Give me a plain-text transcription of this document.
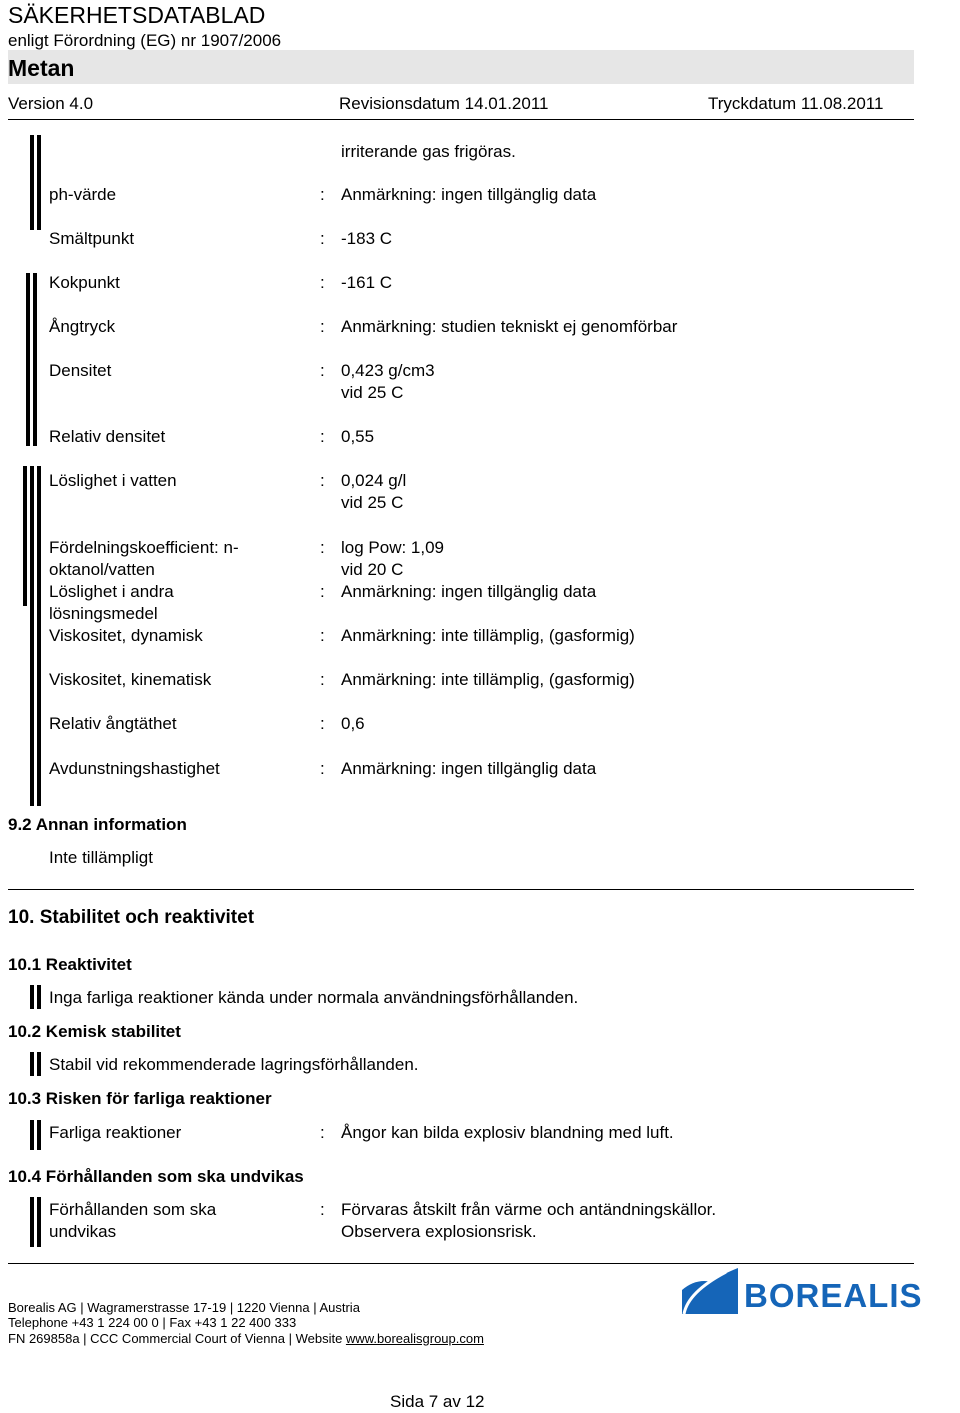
SÄKERHETSDATABLAD
enligt Förordning (EG) nr 1907/2006
Metan
Version 4.0	Revisionsdatum 14.01.2011	Tryckdatum 11.08.2011
irriterande gas frigöras.
ph-värde	: Anmärkning: ingen tillgänglig data
Smältpunkt	: -183 C
Kokpunkt	: -161 C
Ångtryck	: Anmärkning: studien tekniskt ej genomförbar
Densitet	: 0,423 g/cm3
vid 25 C
Relativ densitet	: 0,55
Löslighet i vatten	: 0,024 g/l
vid 25 C
Fördelningskoefficient: n-
oktanol/vatten
: log Pow: 1,09
vid 20 C
Löslighet i andra
lösningsmedel
: Anmärkning: ingen tillgänglig data
Viskositet, dynamisk	: Anmärkning: inte tillämplig, (gasformig)
Viskositet, kinematisk	: Anmärkning: inte tillämplig, (gasformig)
Relativ ångtäthet	: 0,6
Avdunstningshastighet	: Anmärkning: ingen tillgänglig data
9.2 Annan information
Inte tillämpligt
10. Stabilitet och reaktivitet
10.1 Reaktivitet
Inga farliga reaktioner kända under normala användningsförhållanden.
10.2 Kemisk stabilitet
Stabil vid rekommenderade lagringsförhållanden.
10.3 Risken för farliga reaktioner
Farliga reaktioner	: Ångor kan bilda explosiv blandning med luft.
10.4 Förhållanden som ska undvikas
Förhållanden som ska
undvikas
: Förvaras åtskilt från värme och antändningskällor.
Observera explosionsrisk.
BOREALIS
Borealis AG | Wagramerstrasse 17-19 | 1220 Vienna | Austria
Telephone +43 1 224 00 0 | Fax +43 1 22 400 333
FN 269858a | CCC Commercial Court of Vienna | Website www.borealisgroup.com
Sida 7 av 12
